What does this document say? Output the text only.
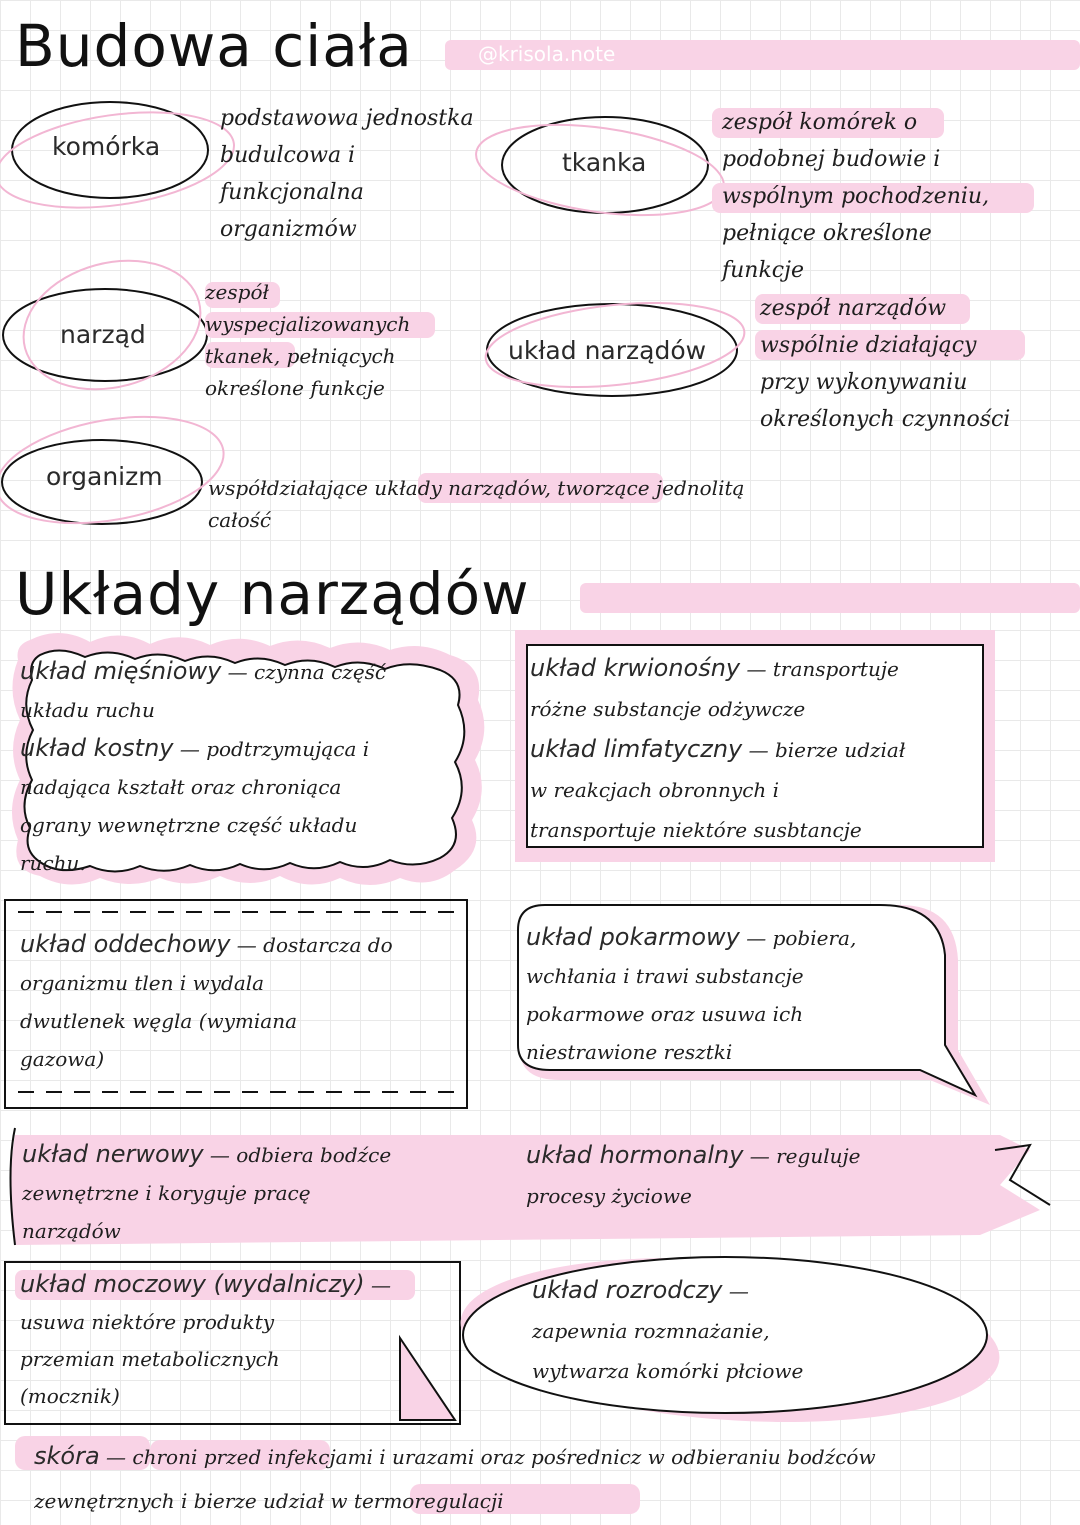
Budowa ciała	@krisola.note
komórka
podstawowa jednostka
budulcowa i
funkcjonalna
organizmów
tkanka
zespół komórek o
podobnej budowie i
wspólnym pochodzeniu,
pełniące określone
funkcje
narząd
zespół
wyspecjalizowanych
tkanek, pełniących
określone funkcje
układ narządów
zespół narządów
wspólnie działający
przy wykonywaniu
określonych czynności
organizm współdziałające układy narządów, tworzące jednolitą
całość
Układy narządów
układ mięśniowy — czynna część
układu ruchu
układ kostny — podtrzymująca i
nadająca kształt oraz chroniąca
ograny wewnętrzne część układu
ruchu.
układ krwionośny — transportuje
różne substancje odżywcze
układ limfatyczny — bierze udział
w reakcjach obronnych i
transportuje niektóre susbtancje
układ oddechowy — dostarcza do
organizmu tlen i wydala
dwutlenek węgla (wymiana
gazowa)
układ pokarmowy — pobiera,
wchłania i trawi substancje
pokarmowe oraz usuwa ich
niestrawione resztki
układ nerwowy — odbiera bodźce
zewnętrzne i koryguje pracę
narządów
układ hormonalny — reguluje
procesy życiowe
układ moczowy (wydalniczy) —
usuwa niektóre produkty
przemian metabolicznych
(mocznik)
układ rozrodczy —
zapewnia rozmnażanie,
wytwarza komórki płciowe
skóra — chroni przed infekcjami i urazami oraz pośrednicz w odbieraniu bodźców
zewnętrznych i bierze udział w termoregulacji
